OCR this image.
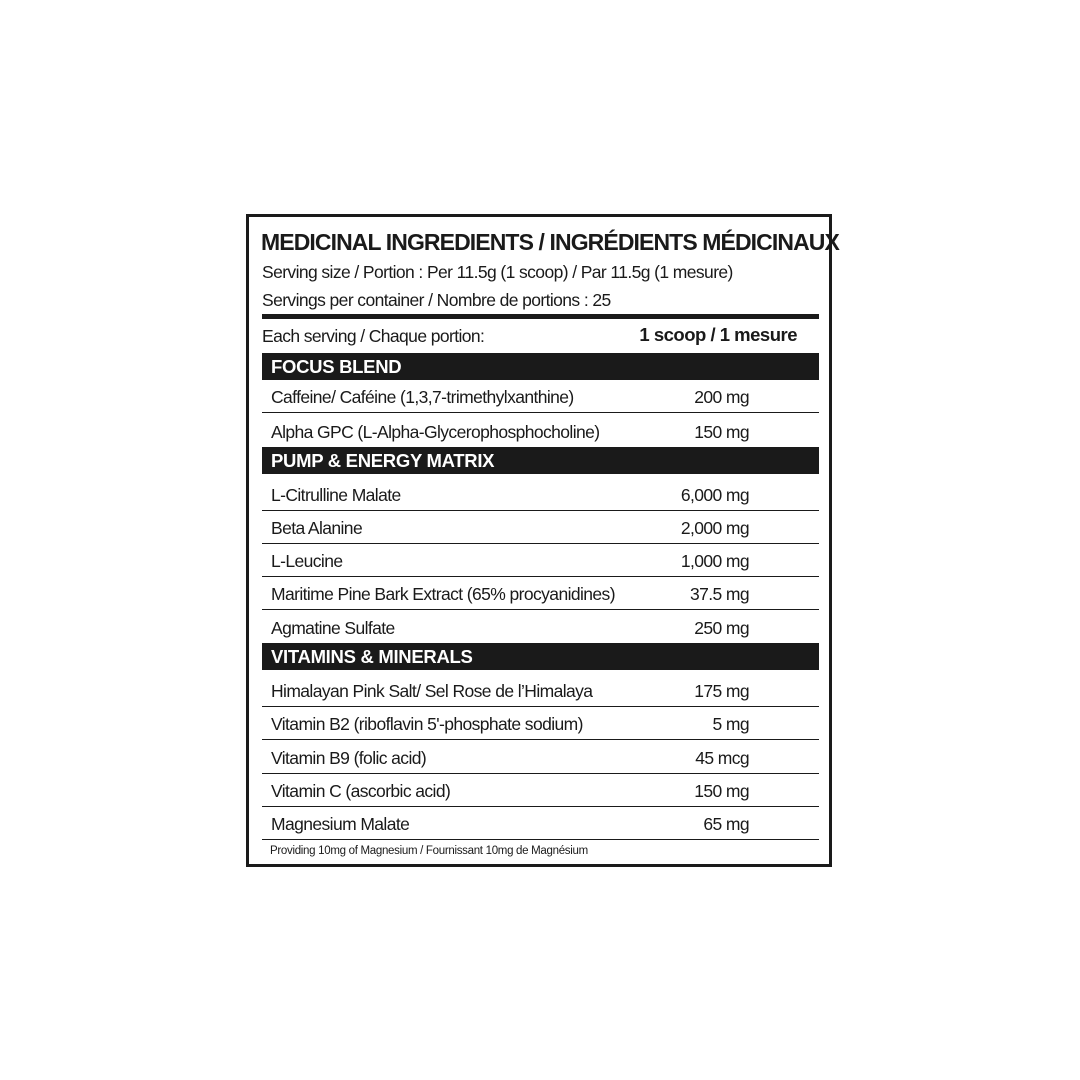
MEDICINAL INGREDIENTS / INGRÉDIENTS MÉDICINAUX
Serving size / Portion : Per 11.5g (1 scoop) / Par 11.5g (1 mesure)
Servings per container / Nombre de portions : 25
Each serving / Chaque portion:	1 scoop / 1 mesure
FOCUS BLEND
Caffeine/ Caféine (1,3,7-trimethylxanthine)	200 mg
Alpha GPC (L-Alpha-Glycerophosphocholine)	150 mg
PUMP & ENERGY MATRIX
L-Citrulline Malate	6,000 mg
Beta Alanine	2,000 mg
L-Leucine	1,000 mg
Maritime Pine Bark Extract (65% procyanidines)	37.5 mg
Agmatine Sulfate	250 mg
VITAMINS & MINERALS
Himalayan Pink Salt/ Sel Rose de l’Himalaya	175 mg
Vitamin B2 (riboflavin 5'-phosphate sodium)	5 mg
Vitamin B9 (folic acid)	45 mcg
Vitamin C (ascorbic acid)	150 mg
Magnesium Malate	65 mg
Providing 10mg of Magnesium / Fournissant 10mg de Magnésium
